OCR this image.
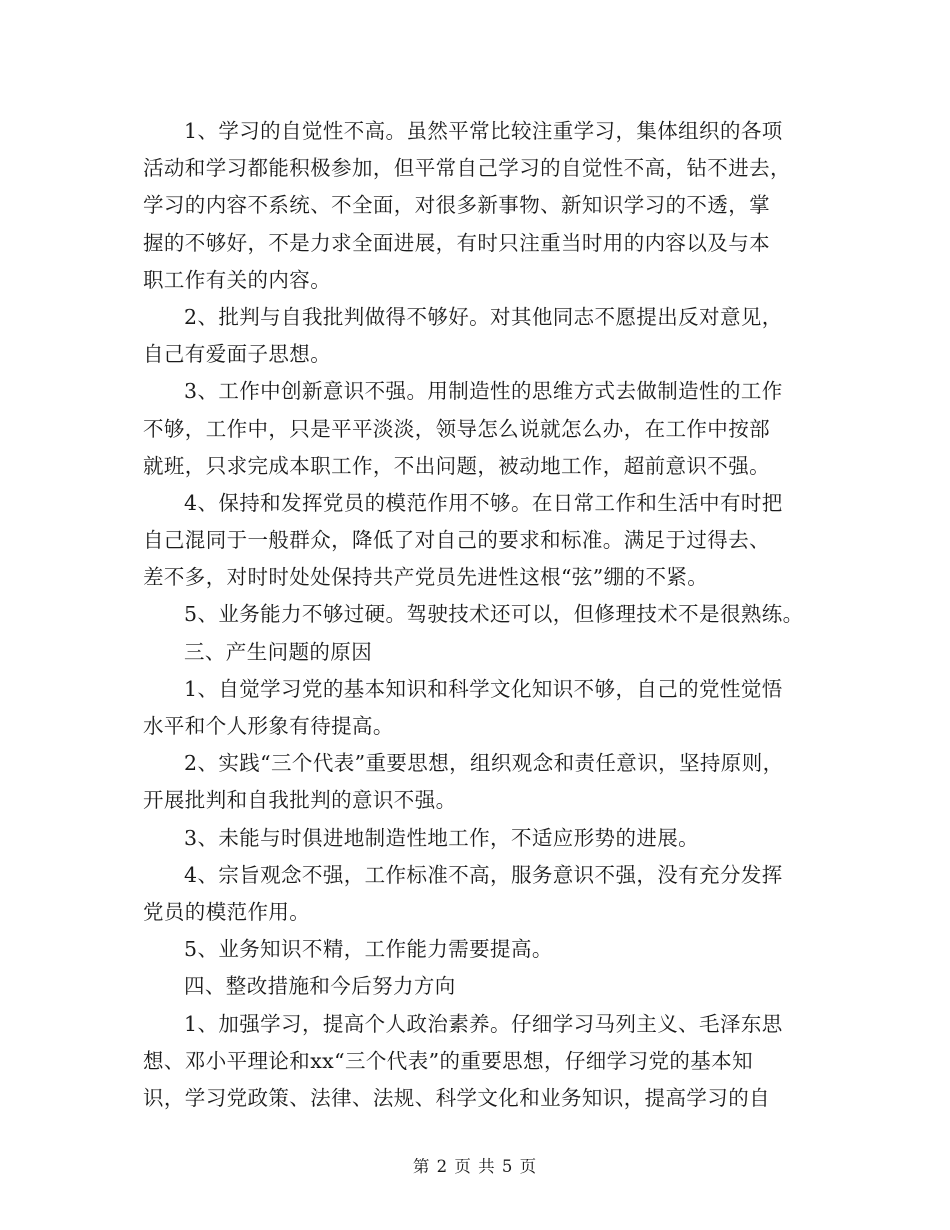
1、学习的自觉性不高。虽然平常比较注重学习，集体组织的各项
活动和学习都能积极参加，但平常自己学习的自觉性不高，钻不进去，
学习的内容不系统、不全面，对很多新事物、新知识学习的不透，掌
握的不够好，不是力求全面进展，有时只注重当时用的内容以及与本
职工作有关的内容。
2、批判与自我批判做得不够好。对其他同志不愿提出反对意见，
自己有爱面子思想。
3、工作中创新意识不强。用制造性的思维方式去做制造性的工作
不够，工作中，只是平平淡淡，领导怎么说就怎么办，在工作中按部
就班，只求完成本职工作，不出问题，被动地工作，超前意识不强。
4、保持和发挥党员的模范作用不够。在日常工作和生活中有时把
自己混同于一般群众，降低了对自己的要求和标准。满足于过得去、
差不多，对时时处处保持共产党员先进性这根“弦”绷的不紧。
5、业务能力不够过硬。驾驶技术还可以，但修理技术不是很熟练。
三、产生问题的原因
1、自觉学习党的基本知识和科学文化知识不够，自己的党性觉悟
水平和个人形象有待提高。
2、实践“三个代表”重要思想，组织观念和责任意识，坚持原则，
开展批判和自我批判的意识不强。
3、未能与时俱进地制造性地工作，不适应形势的进展。
4、宗旨观念不强，工作标准不高，服务意识不强，没有充分发挥
党员的模范作用。
5、业务知识不精，工作能力需要提高。
四、整改措施和今后努力方向
1、加强学习，提高个人政治素养。仔细学习马列主义、毛泽东思
想、邓小平理论和xx“三个代表”的重要思想，仔细学习党的基本知
识，学习党政策、法律、法规、科学文化和业务知识，提高学习的自
第 2 页 共 5 页
